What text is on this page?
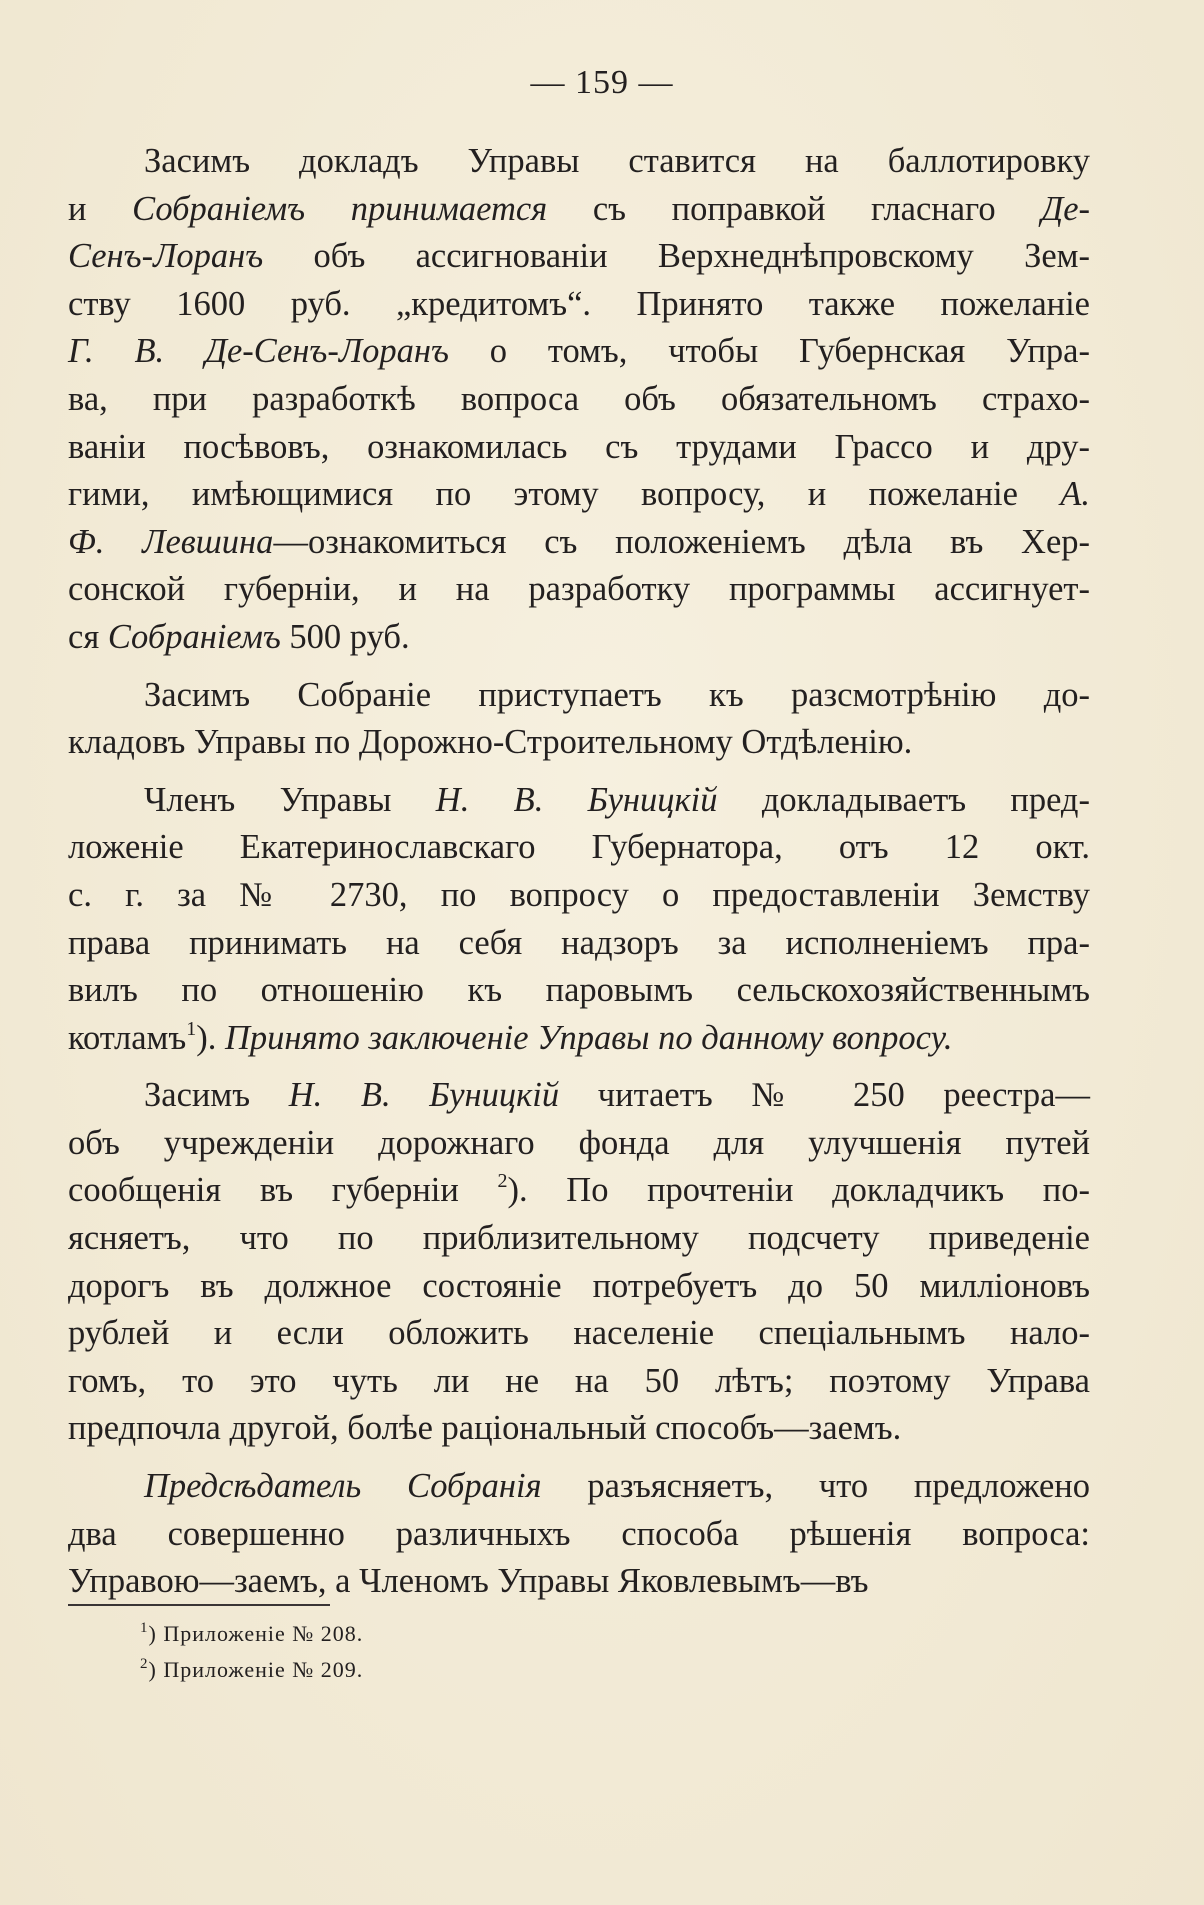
— 159 —

Засимъ докладъ Управы ставится на баллотировку
и Собраніемъ принимается съ поправкой гласнаго Де-
Сенъ-Лоранъ объ ассигнованіи Верхнеднѣпровскому Зем-
ству 1600 руб. „кредитомъ“. Принято также пожеланіе
Г. В. Де-Сенъ-Лоранъ о томъ, чтобы Губернская Упра-
ва, при разработкѣ вопроса объ обязательномъ страхо-
ваніи посѣвовъ, ознакомилась съ трудами Грассо и дру-
гими, имѣющимися по этому вопросу, и пожеланіе А.
Ф. Левшина—ознакомиться съ положеніемъ дѣла въ Хер-
сонской губерніи, и на разработку программы ассигнует-
ся Собраніемъ 500 руб.

Засимъ Собраніе приступаетъ къ разсмотрѣнію до-
кладовъ Управы по Дорожно-Строительному Отдѣленію.

Членъ Управы Н. В. Буницкій докладываетъ пред-
ложеніе Екатеринославскаго Губернатора, отъ 12 окт.
с. г. за № 2730, по вопросу о предоставленіи Земству
права принимать на себя надзоръ за исполненіемъ пра-
вилъ по отношенію къ паровымъ сельскохозяйственнымъ
котламъ$^1$). Принято заключеніе Управы по данному вопросу.

Засимъ Н. В. Буницкій читаетъ № 250 реестра—
объ учрежденіи дорожнаго фонда для улучшенія путей
сообщенія въ губерніи $^2$). По прочтеніи докладчикъ по-
ясняетъ, что по приблизительному подсчету приведеніе
дорогъ въ должное состояніе потребуетъ до 50 милліоновъ
рублей и если обложить населеніе спеціальнымъ нало-
гомъ, то это чуть ли не на 50 лѣтъ; поэтому Управа
предпочла другой, болѣе раціональный способъ—заемъ.

Предсѣдатель Собранія разъясняетъ, что предложено
два совершенно различныхъ способа рѣшенія вопроса:
Управою—заемъ, а Членомъ Управы Яковлевымъ—въ

$^1$) Приложеніе № 208.
$^2$) Приложеніе № 209.
